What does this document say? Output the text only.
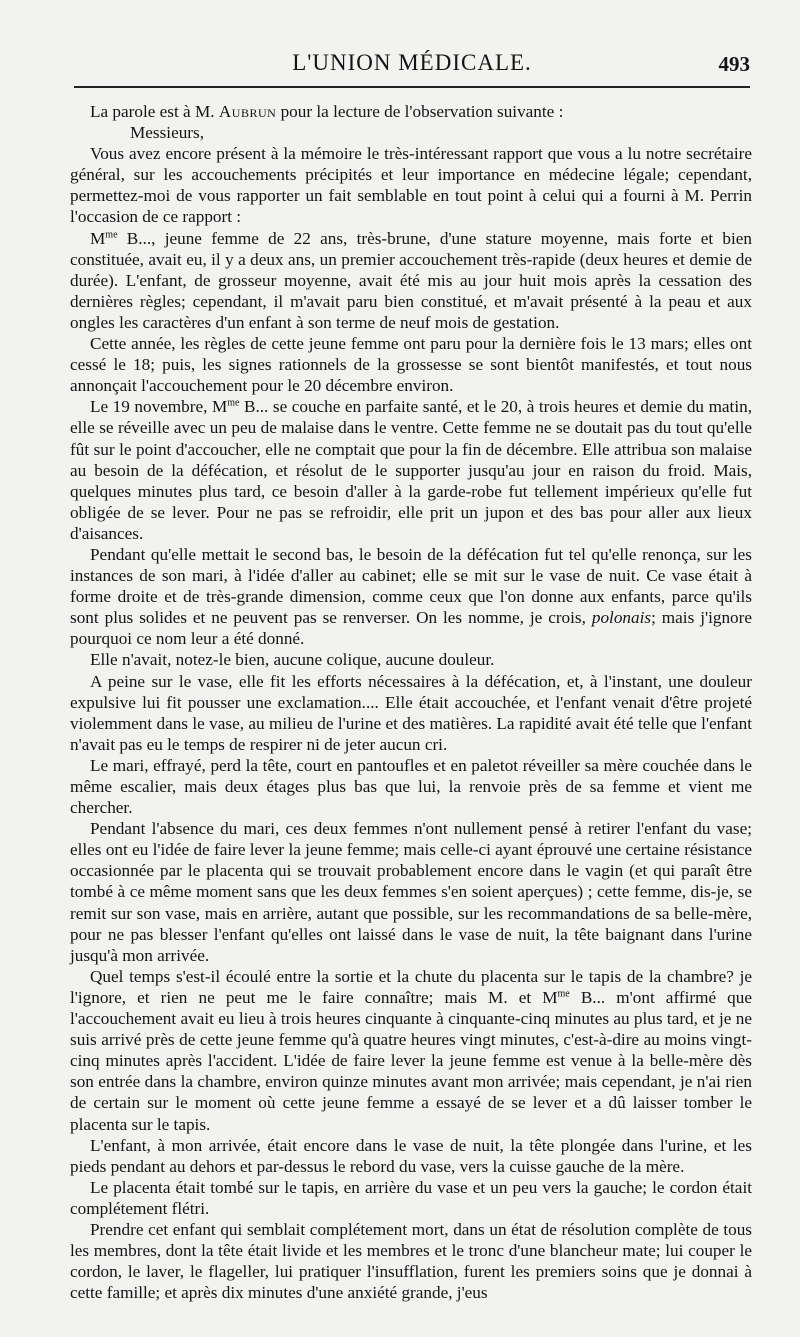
L'UNION MÉDICALE.	493

La parole est à M. Aubrun pour la lecture de l'observation suivante :

Messieurs,

Vous avez encore présent à la mémoire le très-intéressant rapport que vous a lu notre secrétaire général, sur les accouchements précipités et leur importance en médecine légale; cependant, permettez-moi de vous rapporter un fait semblable en tout point à celui qui a fourni à M. Perrin l'occasion de ce rapport :

$M^{me}$ B..., jeune femme de 22 ans, très-brune, d'une stature moyenne, mais forte et bien constituée, avait eu, il y a deux ans, un premier accouchement très-rapide (deux heures et demie de durée). L'enfant, de grosseur moyenne, avait été mis au jour huit mois après la cessation des dernières règles; cependant, il m'avait paru bien constitué, et m'avait présenté à la peau et aux ongles les caractères d'un enfant à son terme de neuf mois de gestation.

Cette année, les règles de cette jeune femme ont paru pour la dernière fois le 13 mars; elles ont cessé le 18; puis, les signes rationnels de la grossesse se sont bientôt manifestés, et tout nous annonçait l'accouchement pour le 20 décembre environ.

Le 19 novembre, $M^{me}$ B... se couche en parfaite santé, et le 20, à trois heures et demie du matin, elle se réveille avec un peu de malaise dans le ventre. Cette femme ne se doutait pas du tout qu'elle fût sur le point d'accoucher, elle ne comptait que pour la fin de décembre. Elle attribua son malaise au besoin de la défécation, et résolut de le supporter jusqu'au jour en raison du froid. Mais, quelques minutes plus tard, ce besoin d'aller à la garde-robe fut tellement impérieux qu'elle fut obligée de se lever. Pour ne pas se refroidir, elle prit un jupon et des bas pour aller aux lieux d'aisances.

Pendant qu'elle mettait le second bas, le besoin de la défécation fut tel qu'elle renonça, sur les instances de son mari, à l'idée d'aller au cabinet; elle se mit sur le vase de nuit. Ce vase était à forme droite et de très-grande dimension, comme ceux que l'on donne aux enfants, parce qu'ils sont plus solides et ne peuvent pas se renverser. On les nomme, je crois, polonais; mais j'ignore pourquoi ce nom leur a été donné.

Elle n'avait, notez-le bien, aucune colique, aucune douleur.

A peine sur le vase, elle fit les efforts nécessaires à la défécation, et, à l'instant, une douleur expulsive lui fit pousser une exclamation.... Elle était accouchée, et l'enfant venait d'être projeté violemment dans le vase, au milieu de l'urine et des matières. La rapidité avait été telle que l'enfant n'avait pas eu le temps de respirer ni de jeter aucun cri.

Le mari, effrayé, perd la tête, court en pantoufles et en paletot réveiller sa mère couchée dans le même escalier, mais deux étages plus bas que lui, la renvoie près de sa femme et vient me chercher.

Pendant l'absence du mari, ces deux femmes n'ont nullement pensé à retirer l'enfant du vase; elles ont eu l'idée de faire lever la jeune femme; mais celle-ci ayant éprouvé une certaine résistance occasionnée par le placenta qui se trouvait probablement encore dans le vagin (et qui paraît être tombé à ce même moment sans que les deux femmes s'en soient aperçues) ; cette femme, dis-je, se remit sur son vase, mais en arrière, autant que possible, sur les recommandations de sa belle-mère, pour ne pas blesser l'enfant qu'elles ont laissé dans le vase de nuit, la tête baignant dans l'urine jusqu'à mon arrivée.

Quel temps s'est-il écoulé entre la sortie et la chute du placenta sur le tapis de la chambre? je l'ignore, et rien ne peut me le faire connaître; mais M. et $M^{me}$ B... m'ont affirmé que l'accouchement avait eu lieu à trois heures cinquante à cinquante-cinq minutes au plus tard, et je ne suis arrivé près de cette jeune femme qu'à quatre heures vingt minutes, c'est-à-dire au moins vingt-cinq minutes après l'accident. L'idée de faire lever la jeune femme est venue à la belle-mère dès son entrée dans la chambre, environ quinze minutes avant mon arrivée; mais cependant, je n'ai rien de certain sur le moment où cette jeune femme a essayé de se lever et a dû laisser tomber le placenta sur le tapis.

L'enfant, à mon arrivée, était encore dans le vase de nuit, la tête plongée dans l'urine, et les pieds pendant au dehors et par-dessus le rebord du vase, vers la cuisse gauche de la mère.

Le placenta était tombé sur le tapis, en arrière du vase et un peu vers la gauche; le cordon était complétement flétri.

Prendre cet enfant qui semblait complétement mort, dans un état de résolution complète de tous les membres, dont la tête était livide et les membres et le tronc d'une blancheur mate; lui couper le cordon, le laver, le flageller, lui pratiquer l'insufflation, furent les premiers soins que je donnai à cette famille; et après dix minutes d'une anxiété grande, j'eus
